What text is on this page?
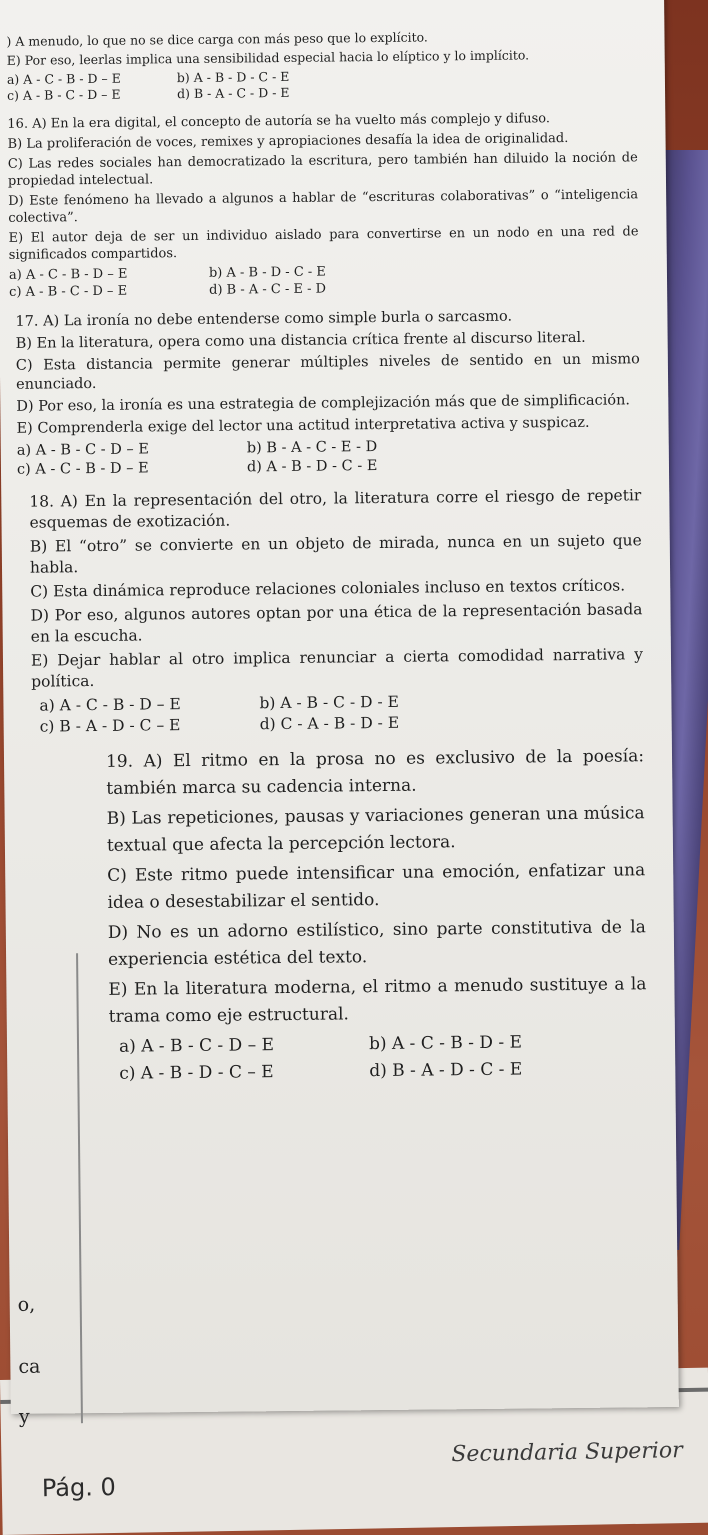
Secundaria Superior
Pág. 0
o,
ca
y

) A menudo, lo que no se dice carga con más peso que lo explícito.

E) Por eso, leerlas implica una sensibilidad especial hacia lo elíptico y lo implícito.

a) A - C - B - D – E	b) A - B - D - C - E
c) A - B - C - D – E	d) B - A - C - D - E

16. A) En la era digital, el concepto de autoría se ha vuelto más complejo y difuso.

B) La proliferación de voces, remixes y apropiaciones desafía la idea de originalidad.

C) Las redes sociales han democratizado la escritura, pero también han diluido la noción de propiedad intelectual.

D) Este fenómeno ha llevado a algunos a hablar de “escrituras colaborativas” o “inteligencia colectiva”.

E) El autor deja de ser un individuo aislado para convertirse en un nodo en una red de significados compartidos.

a) A - C - B - D – E	b) A - B - D - C - E
c) A - B - C - D – E	d) B - A - C - E - D

17. A) La ironía no debe entenderse como simple burla o sarcasmo.

B) En la literatura, opera como una distancia crítica frente al discurso literal.

C) Esta distancia permite generar múltiples niveles de sentido en un mismo enunciado.

D) Por eso, la ironía es una estrategia de complejización más que de simplificación.

E) Comprenderla exige del lector una actitud interpretativa activa y suspicaz.

a) A - B - C - D – E	b) B - A - C - E - D
c) A - C - B - D – E	d) A - B - D - C - E

18. A) En la representación del otro, la literatura corre el riesgo de repetir esquemas de exotización.

B) El “otro” se convierte en un objeto de mirada, nunca en un sujeto que habla.

C) Esta dinámica reproduce relaciones coloniales incluso en textos críticos.

D) Por eso, algunos autores optan por una ética de la representación basada en la escucha.

E) Dejar hablar al otro implica renunciar a cierta comodidad narrativa y política.

a) A - C - B - D – E	b) A - B - C - D - E
c) B - A - D - C – E	d) C - A - B - D - E

19. A) El ritmo en la prosa no es exclusivo de la poesía: también marca su cadencia interna.

B) Las repeticiones, pausas y variaciones generan una música textual que afecta la percepción lectora.

C) Este ritmo puede intensificar una emoción, enfatizar una idea o desestabilizar el sentido.

D) No es un adorno estilístico, sino parte constitutiva de la experiencia estética del texto.

E) En la literatura moderna, el ritmo a menudo sustituye a la trama como eje estructural.

a) A - B - C - D – E	b) A - C - B - D - E
c) A - B - D - C – E	d) B - A - D - C - E
